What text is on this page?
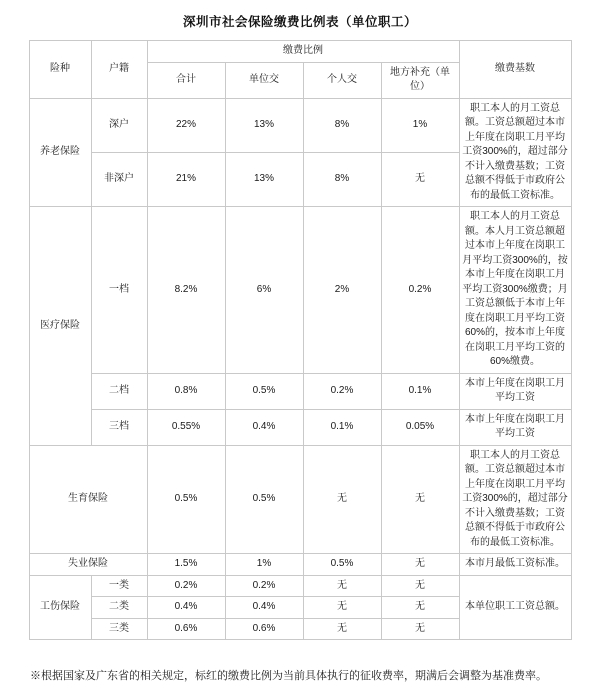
深圳市社会保险缴费比例表（单位职工）
险种	户籍	缴费比例				缴费基数
		合计	单位交	个人交	地方补充（单位）	
养老保险	深户	22%	13%	8%	1%	职工本人的月工资总额。工资总额超过本市上年度在岗职工月平均工资300%的，超过部分不计入缴费基数；工资总额不得低于市政府公布的最低工资标准。
	非深户	21%	13%	8%	无	
医疗保险	一档	8.2%	6%	2%	0.2%	职工本人的月工资总额。本人月工资总额超过本市上年度在岗职工月平均工资300%的，按本市上年度在岗职工月平均工资300%缴费；月工资总额低于本市上年度在岗职工月平均工资60%的，按本市上年度在岗职工月平均工资的60%缴费。
	二档	0.8%	0.5%	0.2%	0.1%	本市上年度在岗职工月平均工资
	三档	0.55%	0.4%	0.1%	0.05%	本市上年度在岗职工月平均工资
生育保险		0.5%	0.5%	无	无	职工本人的月工资总额。工资总额超过本市上年度在岗职工月平均工资300%的，超过部分不计入缴费基数；工资总额不得低于市政府公布的最低工资标准。
失业保险		1.5%	1%	0.5%	无	本市月最低工资标准。
工伤保险	一类	0.2%	0.2%	无	无	本单位职工工资总额。
	二类	0.4%	0.4%	无	无	
	三类	0.6%	0.6%	无	无	

※根据国家及广东省的相关规定，标红的缴费比例为当前具体执行的征收费率，期满后会调整为基准费率。
